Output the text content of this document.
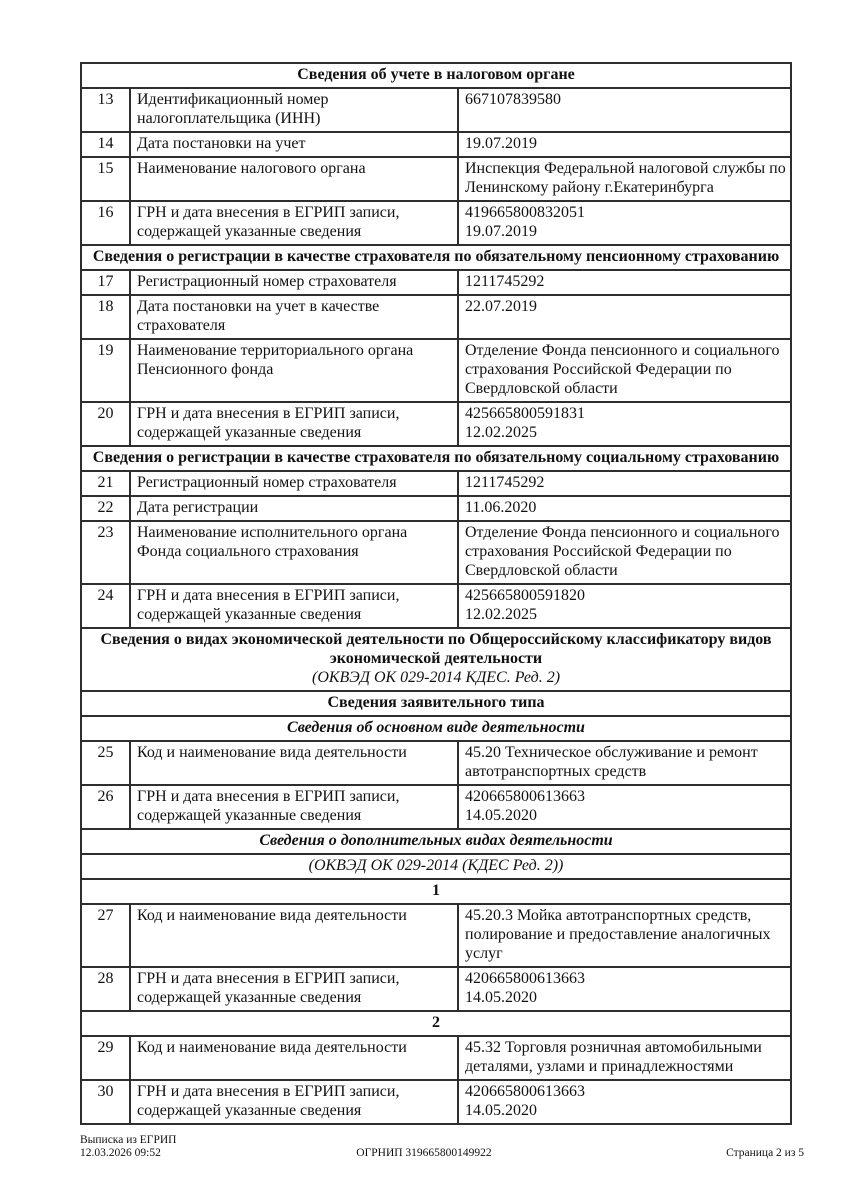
Сведения об учете в налоговом органе		

13	Идентификационный номер налогоплательщика (ИНН)	667107839580

14	Дата постановки на учет	19.07.2019

15	Наименование налогового органа	Инспекция Федеральной налоговой службы по Ленинскому району г.Екатеринбурга

16	ГРН и дата внесения в ЕГРИП записи, содержащей указанные сведения	419665800832051
19.07.2019

Сведения о регистрации в качестве страхователя по обязательному пенсионному страхованию		

17	Регистрационный номер страхователя	1211745292

18	Дата постановки на учет в качестве страхователя	22.07.2019

19	Наименование территориального органа Пенсионного фонда	Отделение Фонда пенсионного и социального страхования Российской Федерации по Свердловской области

20	ГРН и дата внесения в ЕГРИП записи, содержащей указанные сведения	425665800591831
12.02.2025

Сведения о регистрации в качестве страхователя по обязательному социальному страхованию		

21	Регистрационный номер страхователя	1211745292

22	Дата регистрации	11.06.2020

23	Наименование исполнительного органа Фонда социального страхования	Отделение Фонда пенсионного и социального страхования Российской Федерации по Свердловской области

24	ГРН и дата внесения в ЕГРИП записи, содержащей указанные сведения	425665800591820
12.02.2025

Сведения о видах экономической деятельности по Общероссийскому классификатору видов экономической деятельности
(ОКВЭД ОК 029-2014 КДЕС. Ред. 2)		

Сведения заявительного типа		

Сведения об основном виде деятельности		

25	Код и наименование вида деятельности	45.20 Техническое обслуживание и ремонт автотранспортных средств

26	ГРН и дата внесения в ЕГРИП записи, содержащей указанные сведения	420665800613663
14.05.2020

Сведения о дополнительных видах деятельности		

(ОКВЭД ОК 029-2014 (КДЕС Ред. 2))		

1		

27	Код и наименование вида деятельности	45.20.3 Мойка автотранспортных средств, полирование и предоставление аналогичных услуг

28	ГРН и дата внесения в ЕГРИП записи, содержащей указанные сведения	420665800613663
14.05.2020

2		

29	Код и наименование вида деятельности	45.32 Торговля розничная автомобильными деталями, узлами и принадлежностями

30	ГРН и дата внесения в ЕГРИП записи, содержащей указанные сведения	420665800613663
14.05.2020
Выписка из ЕГРИП
12.03.2026 09:52	ОГРНИП 319665800149922	Страница 2 из 5
